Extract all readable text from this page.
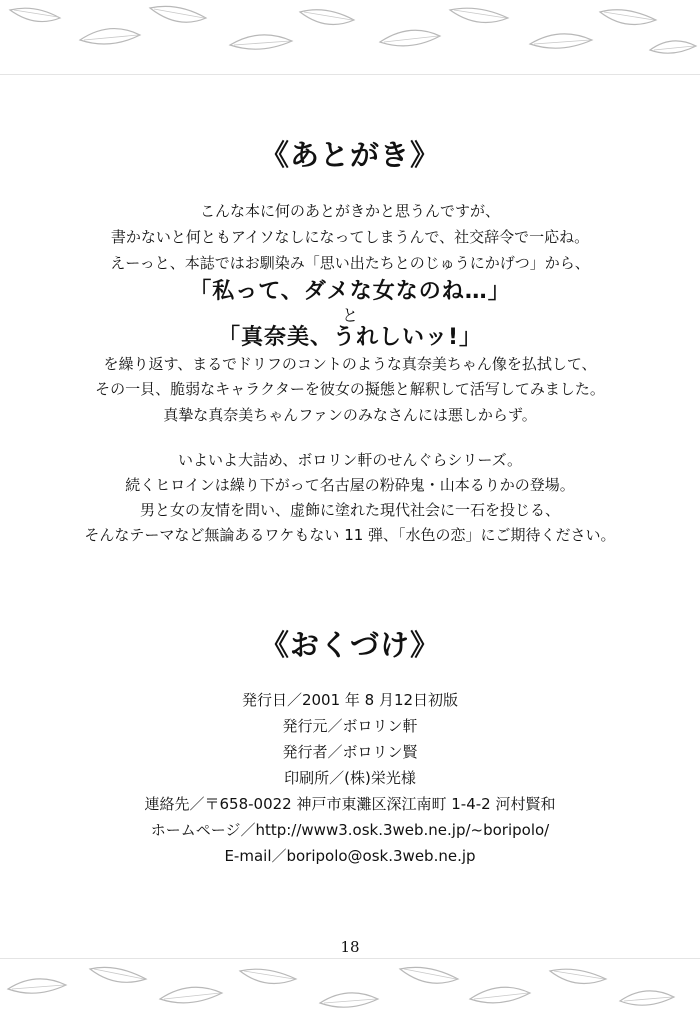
《あとがき》
こんな本に何のあとがきかと思うんですが、
書かないと何ともアイソなしになってしまうんで、社交辞令で一応ね。
えーっと、本誌ではお馴染み「思い出たちとのじゅうにかげつ」から、
「私って、ダメな女なのね…」
と
「真奈美、うれしいッ!」
を繰り返す、まるでドリフのコントのような真奈美ちゃん像を払拭して、
その一貝、脆弱なキャラクターを彼女の擬態と解釈して活写してみました。
真摯な真奈美ちゃんファンのみなさんには悪しからず。
いよいよ大詰め、ボロリン軒のせんぐらシリーズ。
続くヒロインは繰り下がって名古屋の粉砕鬼・山本るりかの登場。
男と女の友情を問い、虚飾に塗れた現代社会に一石を投じる、
そんなテーマなど無論あるワケもない 11 弾、「水色の恋」にご期待ください。
《おくづけ》
発行日／2001 年 8 月12日初版
発行元／ボロリン軒
発行者／ボロリン賢
印刷所／(株)栄光様
連絡先／〒658-0022 神戸市東灘区深江南町 1-4-2 河村賢和
ホームページ／http://www3.osk.3web.ne.jp/~boripolo/
E-mail／boripolo@osk.3web.ne.jp
18
